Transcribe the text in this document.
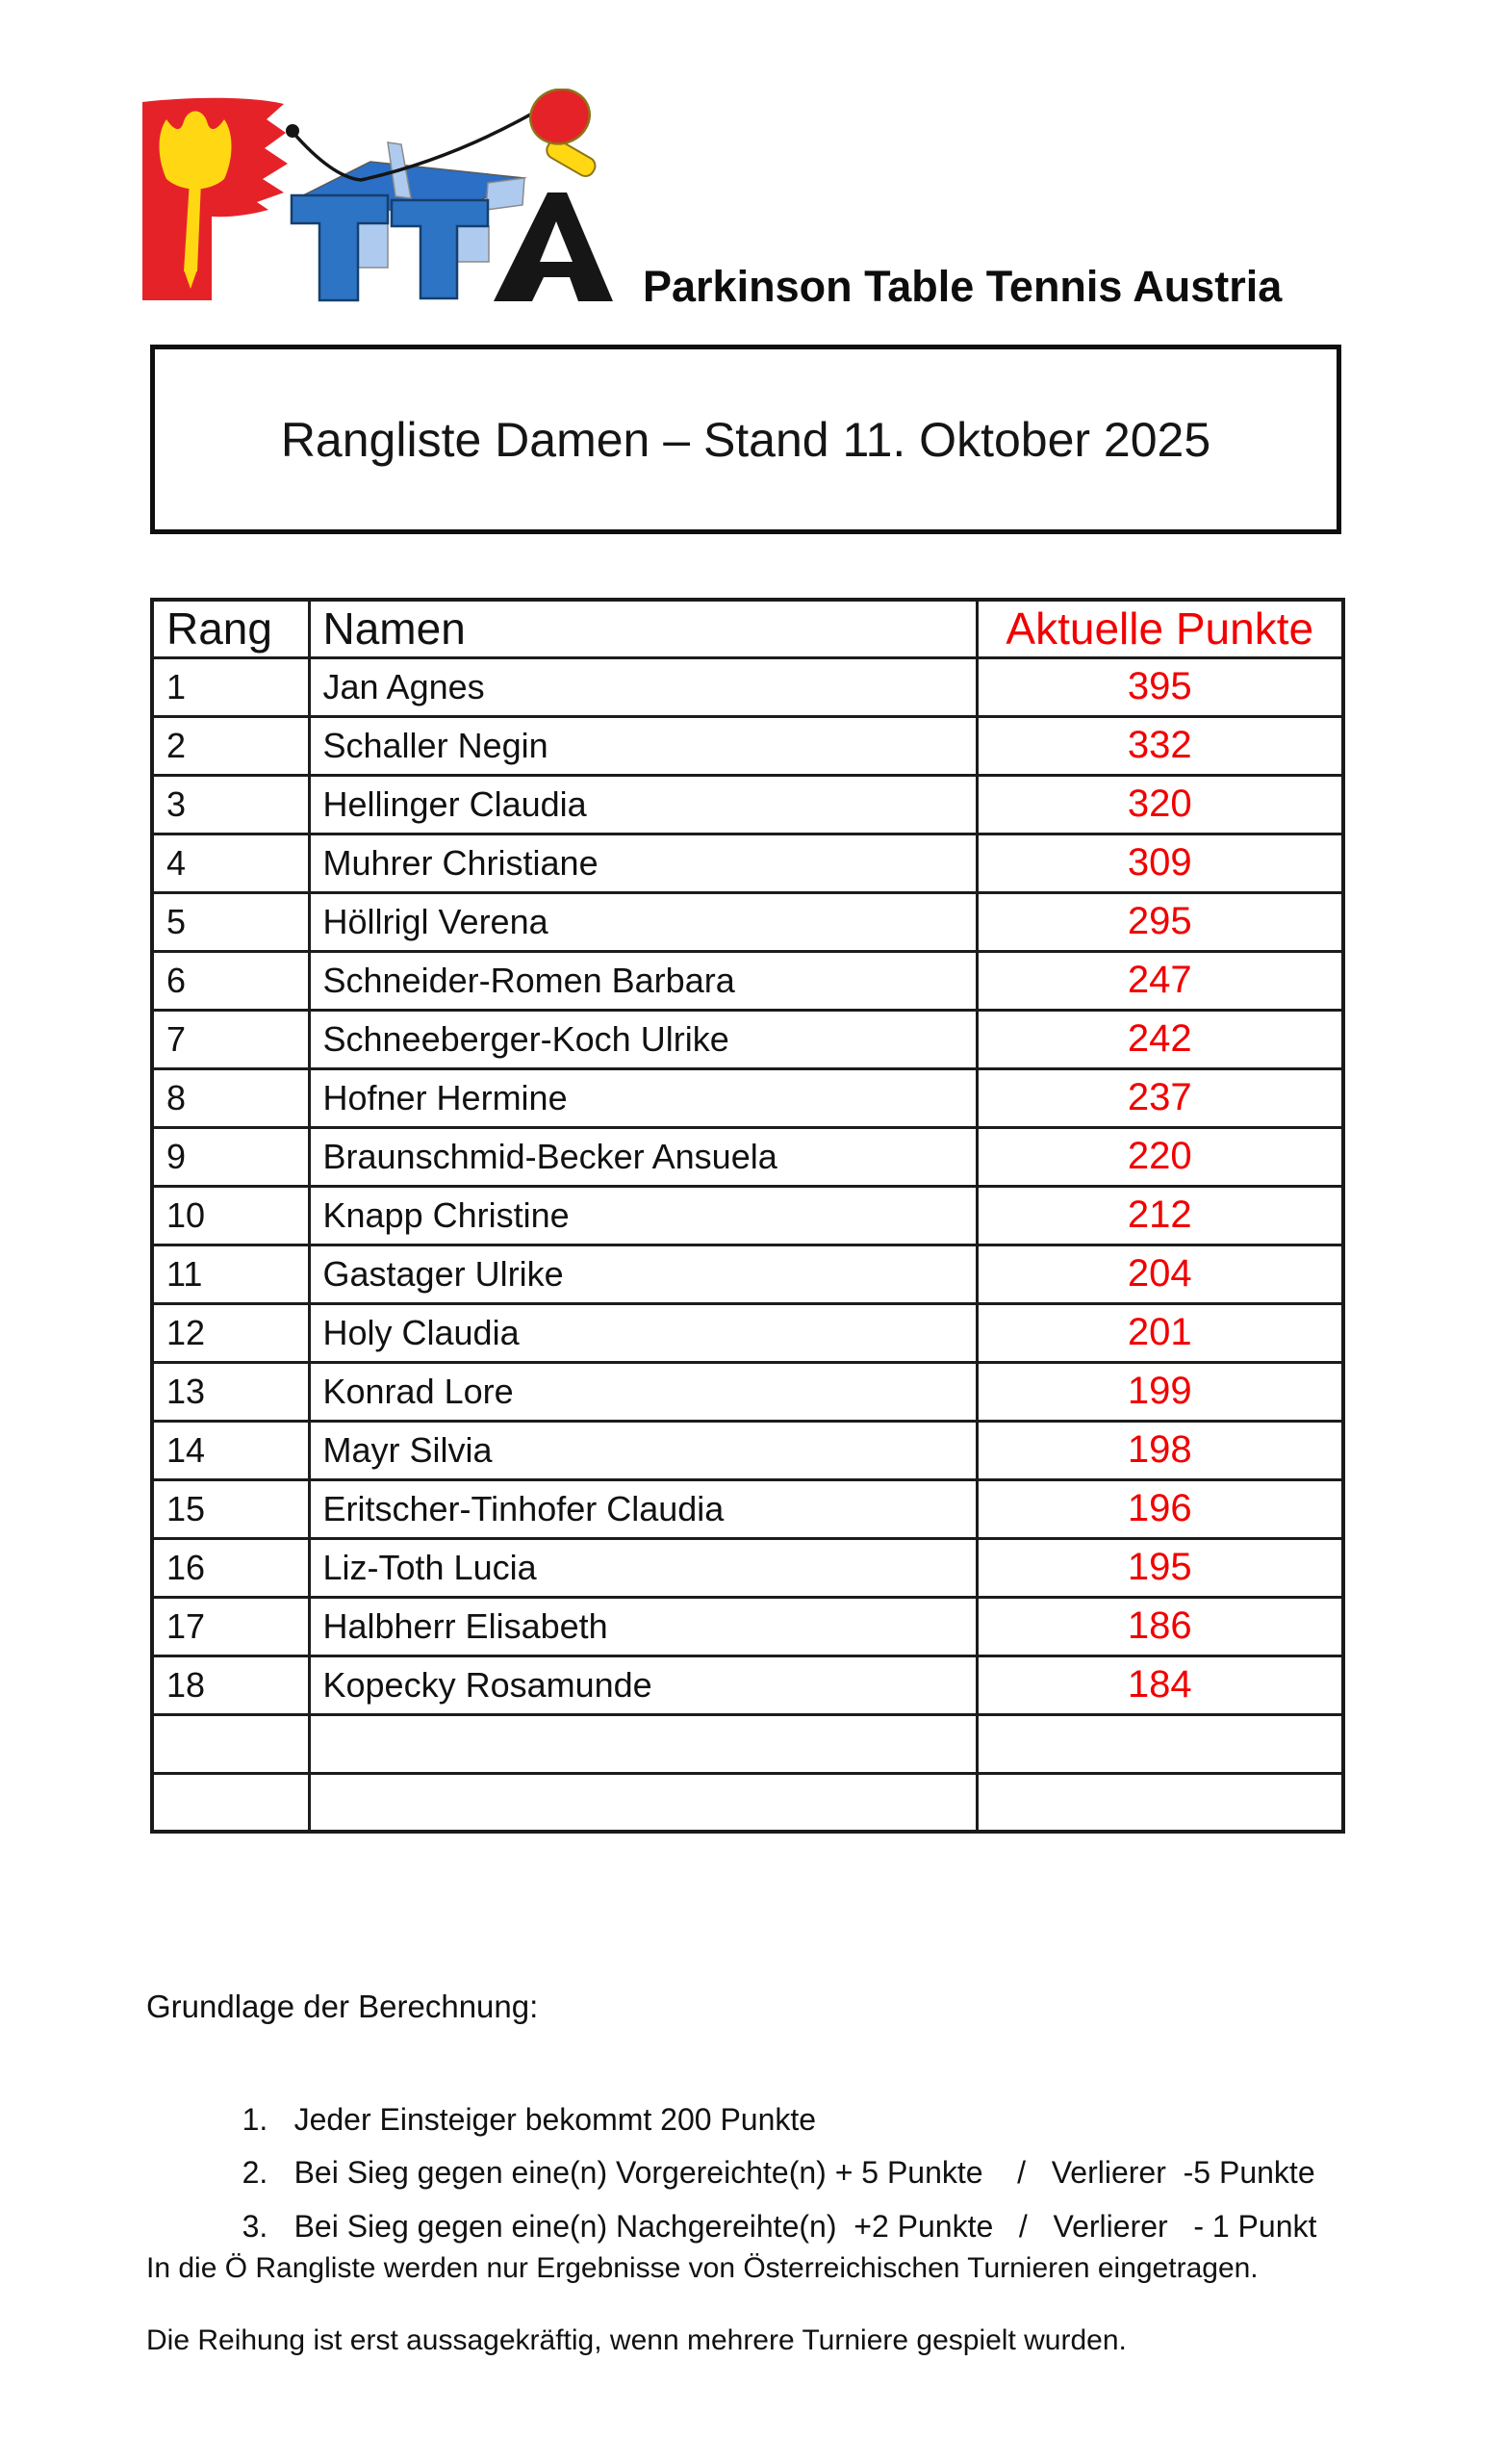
Parkinson Table Tennis Austria
Rangliste Damen – Stand 11. Oktober 2025
Rang	Namen	Aktuelle Punkte
1	Jan Agnes	395
2	Schaller Negin	332
3	Hellinger Claudia	320
4	Muhrer Christiane	309
5	Höllrigl Verena	295
6	Schneider-Romen Barbara	247
7	Schneeberger-Koch Ulrike	242
8	Hofner Hermine	237
9	Braunschmid-Becker Ansuela	220
10	Knapp Christine	212
11	Gastager Ulrike	204
12	Holy Claudia	201
13	Konrad Lore	199
14	Mayr Silvia	198
15	Eritscher-Tinhofer Claudia	196
16	Liz-Toth Lucia	195
17	Halbherr Elisabeth	186
18	Kopecky Rosamunde	184

Grundlage der Berechnung:

1. Jeder Einsteiger bekommt 200 Punkte

2. Bei Sieg gegen eine(n) Vorgereichte(n) + 5 Punkte    /   Verlierer  -5 Punkte

3. Bei Sieg gegen eine(n) Nachgereihte(n)  +2 Punkte   /   Verlierer   - 1 Punkt

In die Ö Rangliste werden nur Ergebnisse von Österreichischen Turnieren eingetragen.
Die Reihung ist erst aussagekräftig, wenn mehrere Turniere gespielt wurden.
